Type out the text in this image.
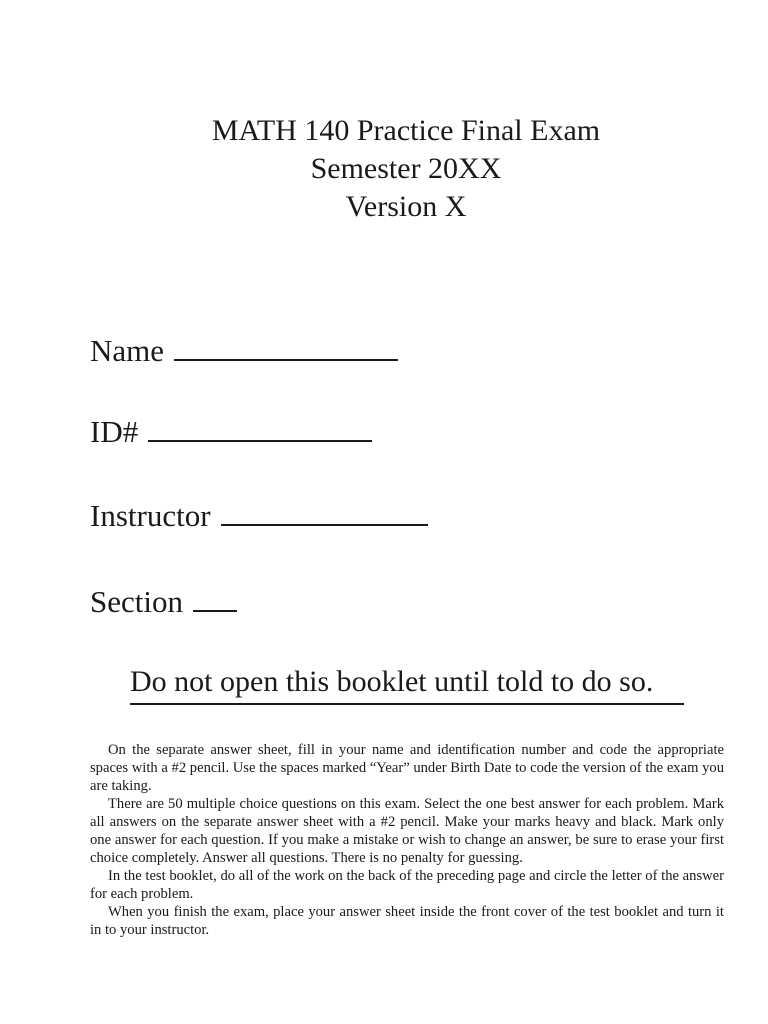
MATH 140 Practice Final Exam
Semester 20XX
Version X
Name
ID#
Instructor
Section
Do not open this booklet until told to do so.

On the separate answer sheet, fill in your name and identification number and code the appropriate spaces with a #2 pencil. Use the spaces marked “Year” under Birth Date to code the version of the exam you are taking.

There are 50 multiple choice questions on this exam. Select the one best answer for each problem. Mark all answers on the separate answer sheet with a #2 pencil. Make your marks heavy and black. Mark only one answer for each question. If you make a mistake or wish to change an answer, be sure to erase your first choice completely. Answer all questions. There is no penalty for guessing.

In the test booklet, do all of the work on the back of the preceding page and circle the letter of the answer for each problem.

When you finish the exam, place your answer sheet inside the front cover of the test booklet and turn it in to your instructor.
